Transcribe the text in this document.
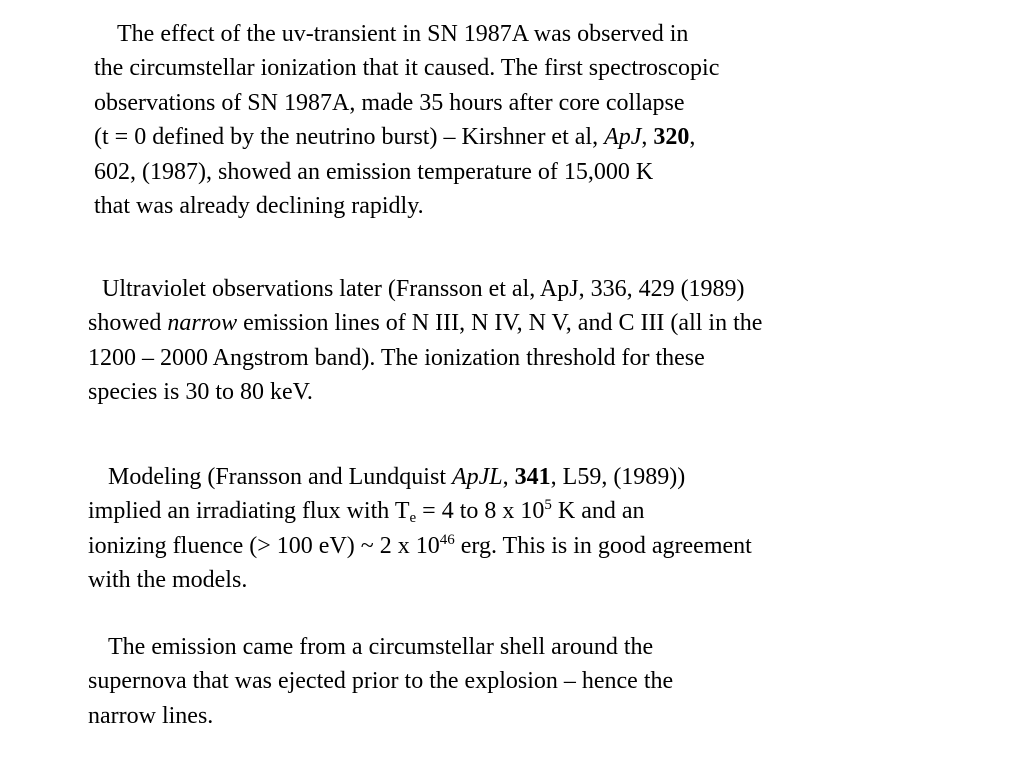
The effect of the uv-transient in SN 1987A was observed in
the circumstellar ionization that it caused. The first spectroscopic
observations of SN 1987A, made 35 hours after core collapse
(t = 0 defined by the neutrino burst) – Kirshner et al, ApJ, 320,
602, (1987), showed an emission temperature of 15,000 K
that was already declining rapidly.

Ultraviolet observations later (Fransson et al, ApJ, 336, 429 (1989)
showed narrow emission lines of N III, N IV, N V, and C III (all in the
1200 – 2000 Angstrom band). The ionization threshold for these
species is 30 to 80 keV.

Modeling (Fransson and Lundquist ApJL, 341, L59, (1989))
implied an irradiating flux with $T_e = 4$ to 8 x $10^5$ K and an
ionizing fluence (> 100 eV) ~ 2 x $10^{46}$ erg. This is in good agreement
with the models.

The emission came from a circumstellar shell around the
supernova that was ejected prior to the explosion – hence the
narrow lines.
